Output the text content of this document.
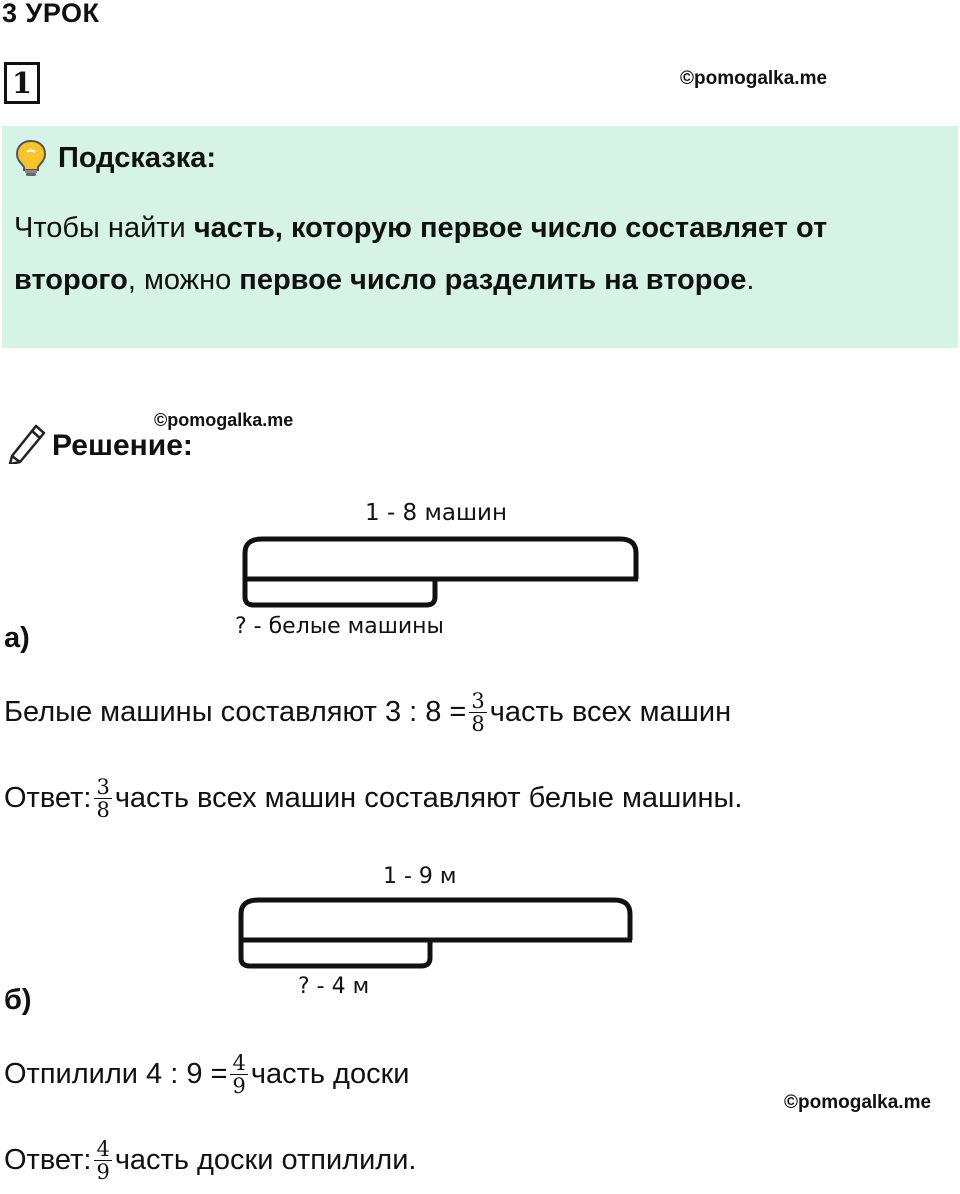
3 УРОК
1	©pomogalka.me
Подсказка:
Чтобы найти часть, которую первое число составляет от второго, можно первое число разделить на второе.
©pomogalka.me
Решение:
1 - 8 машин
? - белые машины
а)
Белые машины составляют 3 : $8 = \frac{3}{8}$ часть всех машин
Ответ: $\frac{3}{8}$ часть всех машин составляют белые машины.
1 - 9 м
? - 4 м
б)
Отпилили 4 : $9 = \frac{4}{9}$ часть доски
©pomogalka.me
Ответ: $\frac{4}{9}$ часть доски отпилили.
